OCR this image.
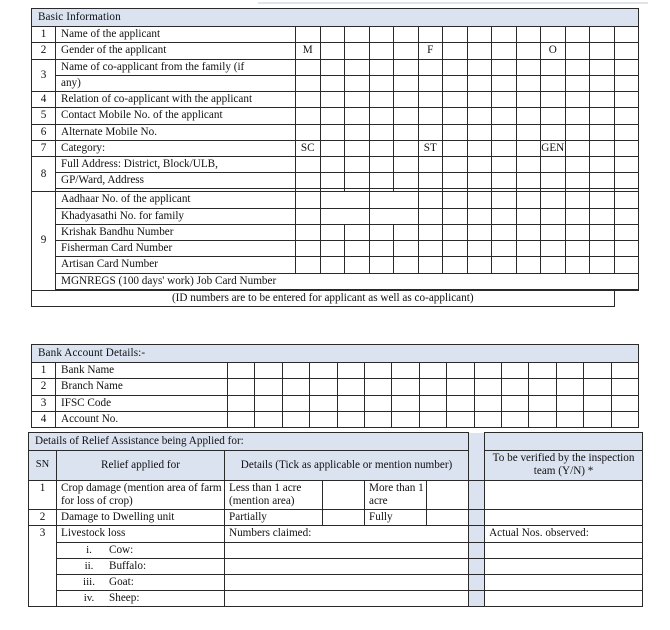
Basic Information															
1	Name of the applicant														
2	Gender of the applicant	M					F					O			
3	Name of co-applicant from the family (if														
	any)														
4	Relation of co-applicant with the applicant														
5	Contact Mobile No. of the applicant														
6	Alternate Mobile No.														
7	Category:	SC					ST					GEN			
8	Full Address: District, Block/ULB,														
	GP/Ward, Address														

9	Aadhaar No. of the applicant														
	Khadyasathi No. for family														
	Krishak Bandhu Number														
	Fisherman Card Number														
	Artisan Card Number														
	MGNREGS (100 days' work) Job Card Number														

(ID numbers are to be entered for applicant as well as co-applicant)															
Bank Account Details:-																
1	Bank Name															
2	Branch Name															
3	IFSC Code															
4	Account No.															
Details of Relief Assistance being Applied for:							
SN	Relief applied for	Details (Tick as applicable or mention number)					To be verified by the inspection team (Y/N) *
1	Crop damage (mention area of farm for loss of crop)	Less than 1 acre (mention area)		More than 1 acre			
2	Damage to Dwelling unit	Partially		Fully			
3	Livestock loss	Numbers claimed:					Actual Nos. observed:
	i. Cow:						
	ii. Buffalo:						
	iii. Goat:						
	iv. Sheep:						
